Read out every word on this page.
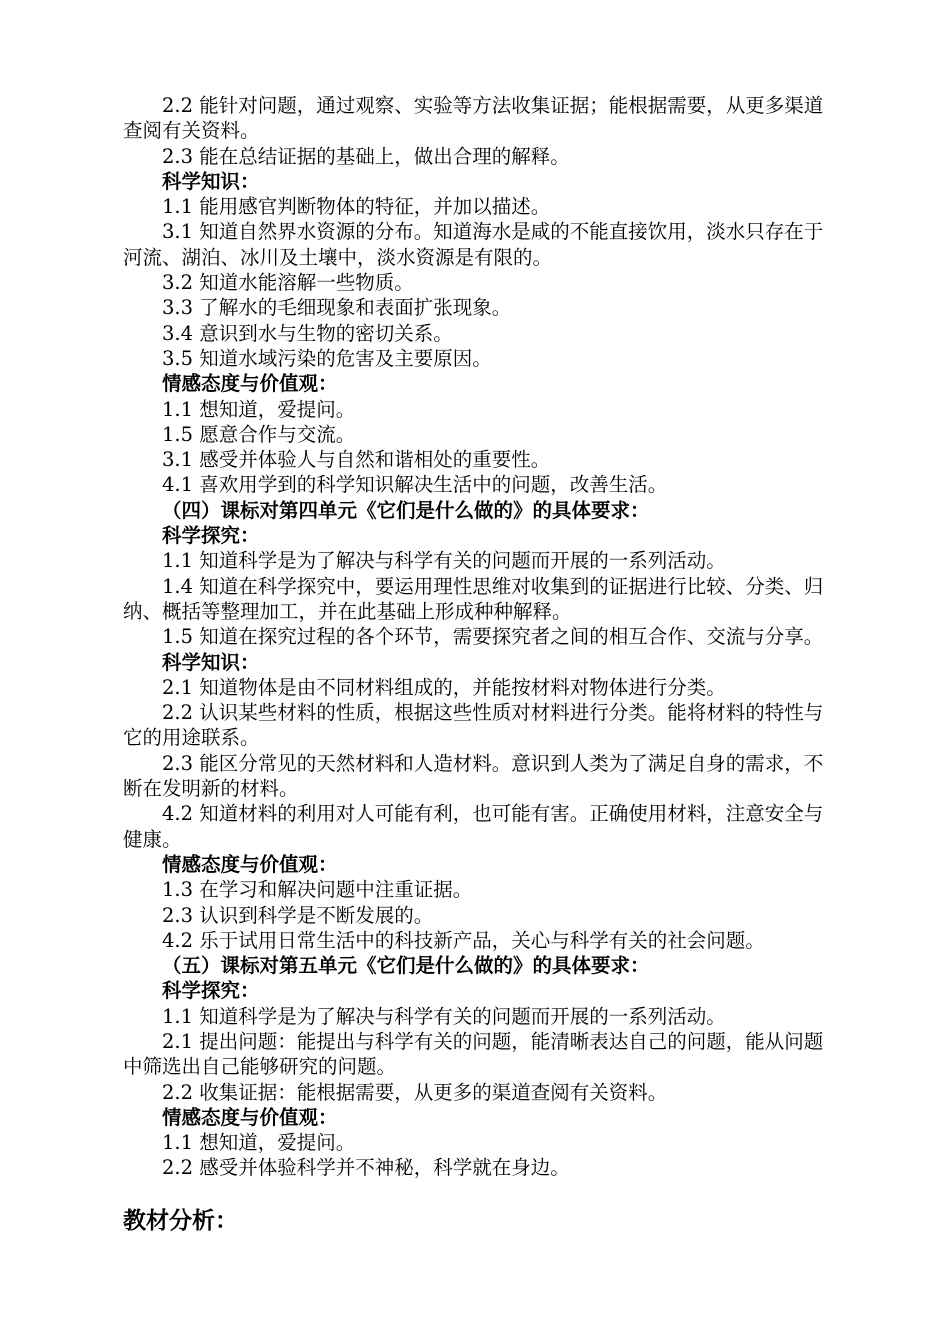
2.2 能针对问题，通过观察、实验等方法收集证据；能根据需要，从更多渠道查阅有关资料。

2.3 能在总结证据的基础上，做出合理的解释。

科学知识：

1.1 能用感官判断物体的特征，并加以描述。

3.1 知道自然界水资源的分布。知道海水是咸的不能直接饮用，淡水只存在于河流、湖泊、冰川及土壤中，淡水资源是有限的。

3.2 知道水能溶解一些物质。

3.3 了解水的毛细现象和表面扩张现象。

3.4 意识到水与生物的密切关系。

3.5 知道水域污染的危害及主要原因。

情感态度与价值观：

1.1 想知道，爱提问。

1.5 愿意合作与交流。

3.1 感受并体验人与自然和谐相处的重要性。

4.1 喜欢用学到的科学知识解决生活中的问题，改善生活。

（四）课标对第四单元《它们是什么做的》的具体要求：

科学探究：

1.1 知道科学是为了解决与科学有关的问题而开展的一系列活动。

1.4 知道在科学探究中，要运用理性思维对收集到的证据进行比较、分类、归纳、概括等整理加工，并在此基础上形成种种解释。

1.5 知道在探究过程的各个环节，需要探究者之间的相互合作、交流与分享。

科学知识：

2.1 知道物体是由不同材料组成的，并能按材料对物体进行分类。

2.2 认识某些材料的性质，根据这些性质对材料进行分类。能将材料的特性与它的用途联系。

2.3 能区分常见的天然材料和人造材料。意识到人类为了满足自身的需求，不断在发明新的材料。

4.2 知道材料的利用对人可能有利，也可能有害。正确使用材料，注意安全与健康。

情感态度与价值观：

1.3 在学习和解决问题中注重证据。

2.3 认识到科学是不断发展的。

4.2 乐于试用日常生活中的科技新产品，关心与科学有关的社会问题。

（五）课标对第五单元《它们是什么做的》的具体要求：

科学探究：

1.1 知道科学是为了解决与科学有关的问题而开展的一系列活动。

2.1 提出问题：能提出与科学有关的问题，能清晰表达自己的问题，能从问题中筛选出自己能够研究的问题。

2.2 收集证据：能根据需要，从更多的渠道查阅有关资料。

情感态度与价值观：

1.1 想知道，爱提问。

2.2 感受并体验科学并不神秘，科学就在身边。

教材分析：
